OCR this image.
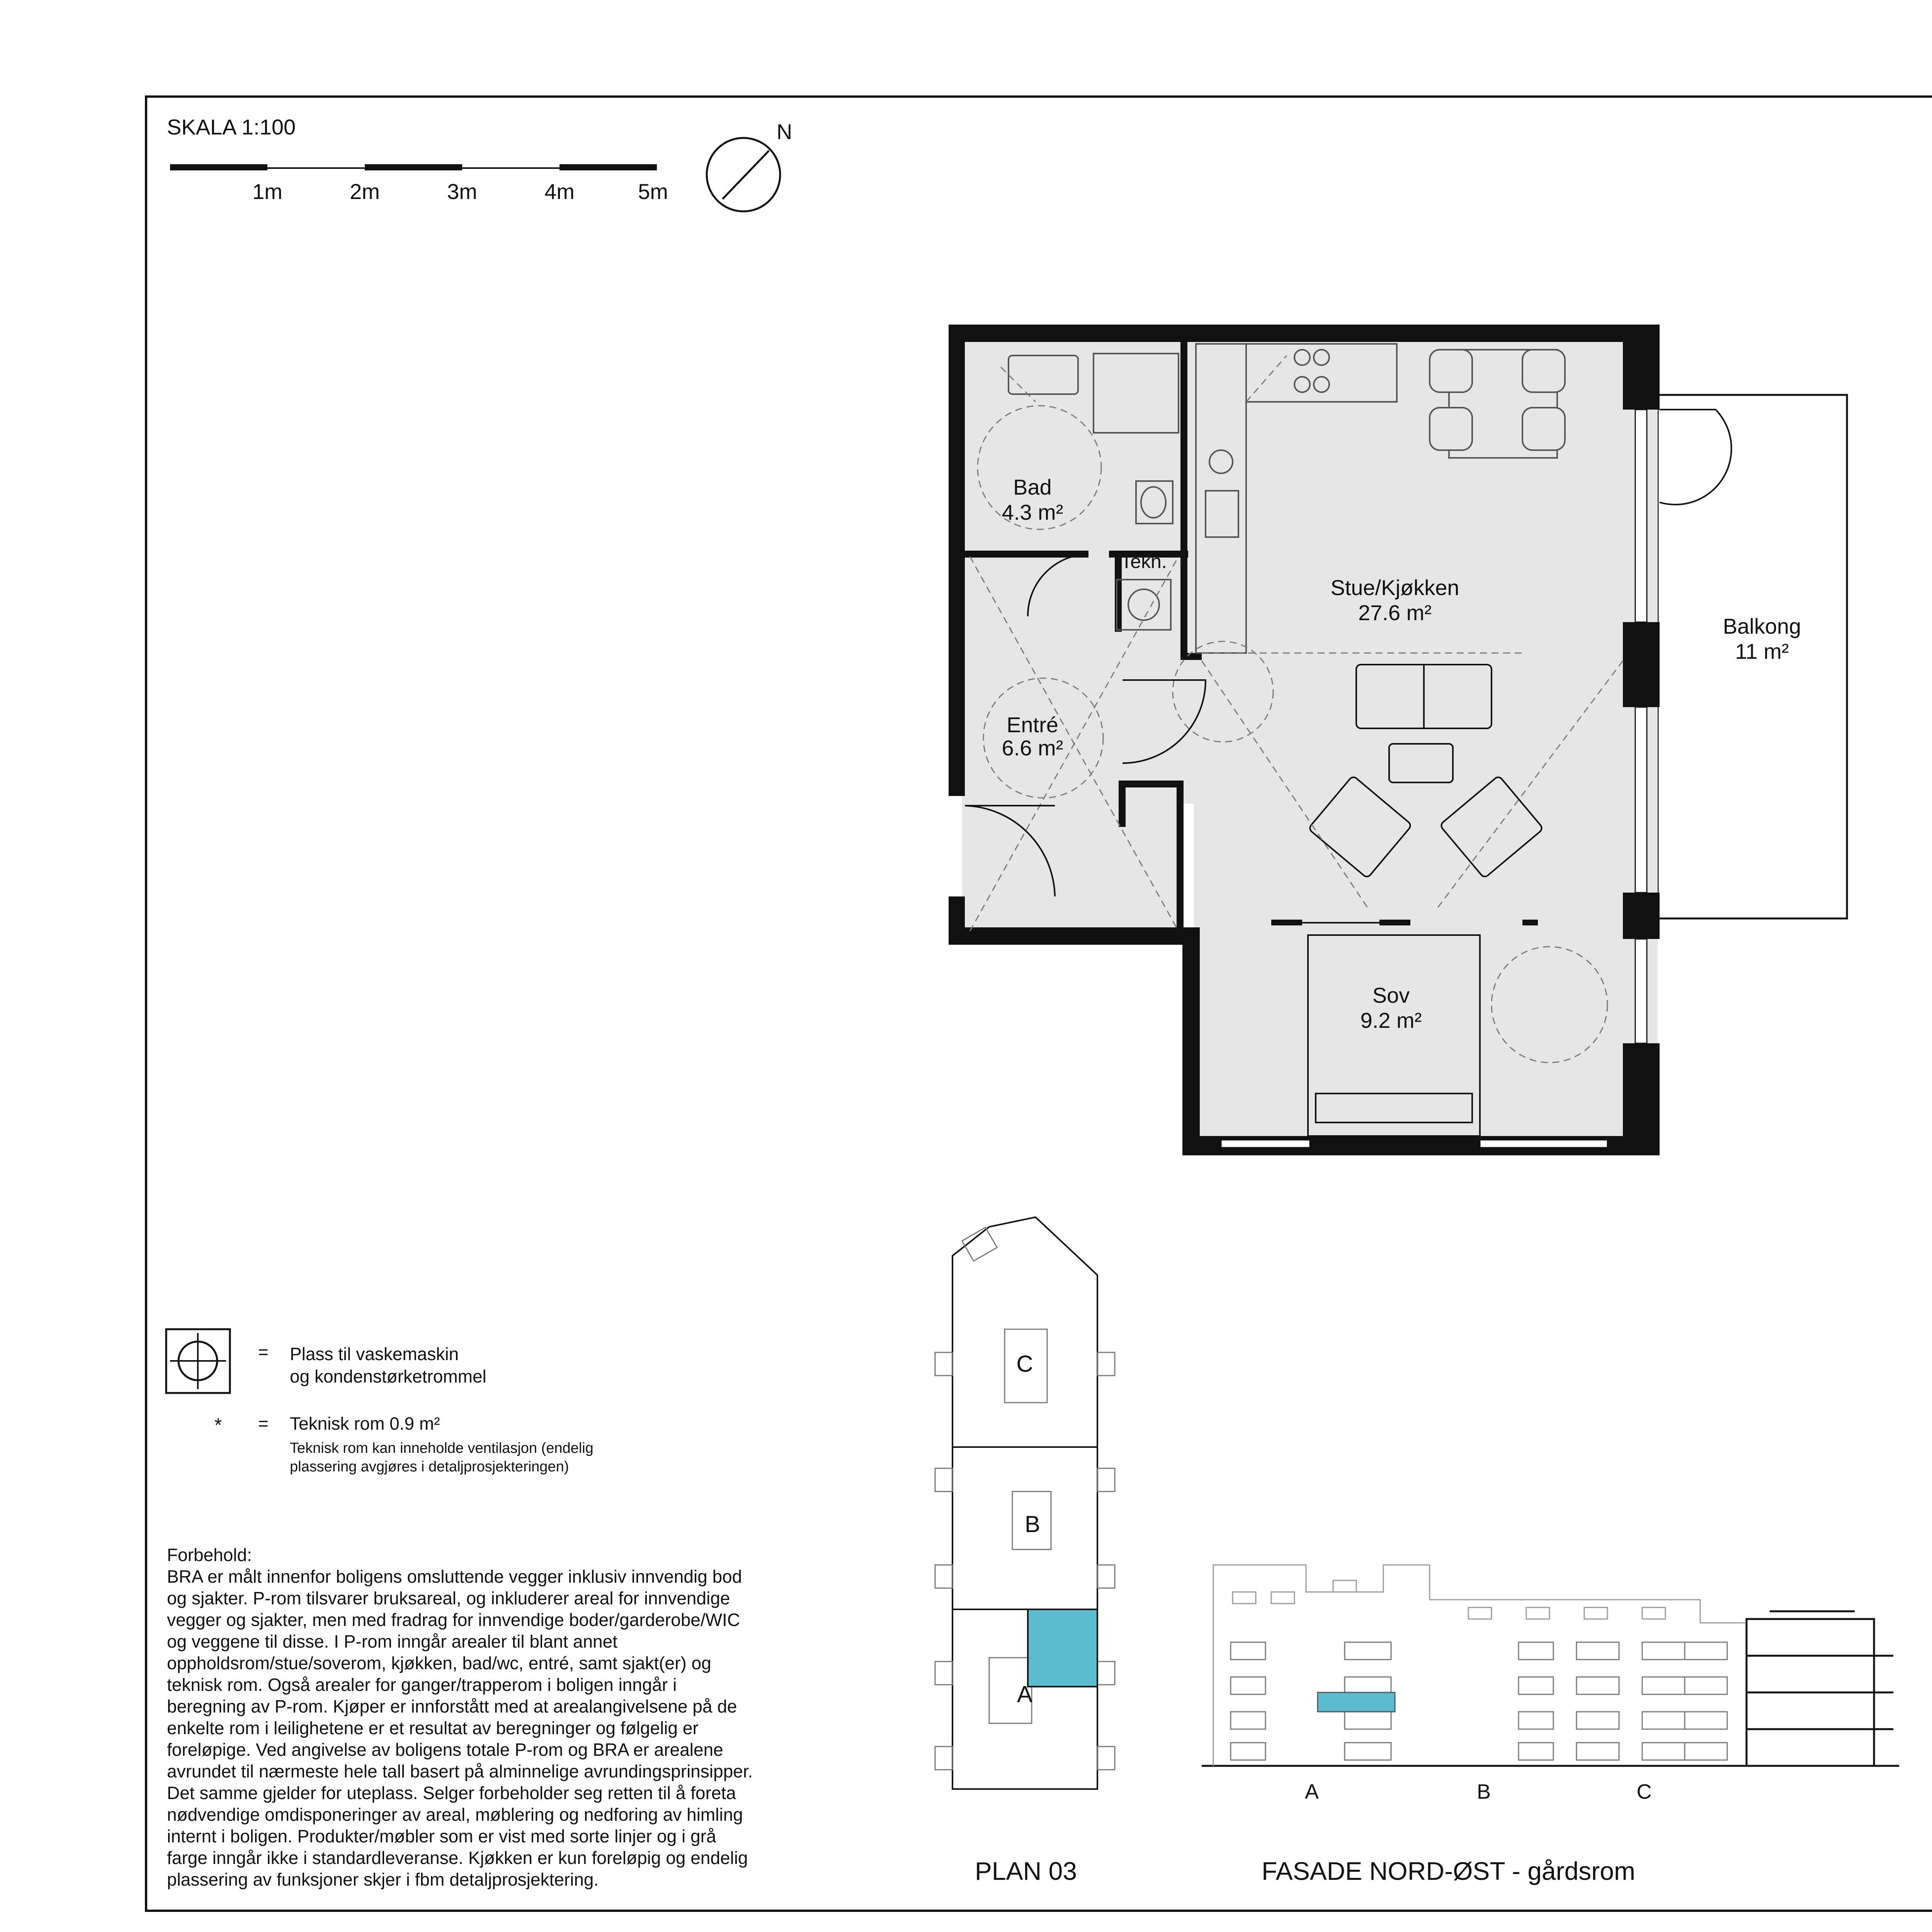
SKALA 1:100
1m	2m	3m	4m	5m
N
Bad
4.3 m²
Tekn.
Stue/Kjøkken
27.6 m²
Entré
6.6 m²
Sov
9.2 m²
Balkong
11 m²
= Plass til vaskemaskin
og kondenstørketrommel
* = Teknisk rom 0.9 m²
Teknisk rom kan inneholde ventilasjon (endelig
plassering avgjøres i detaljprosjekteringen)
Forbehold:
BRA er målt innenfor boligens omsluttende vegger inklusiv innvendig bod
og sjakter. P-rom tilsvarer bruksareal, og inkluderer areal for innvendige
vegger og sjakter, men med fradrag for innvendige boder/garderobe/WIC
og veggene til disse. I P-rom inngår arealer til blant annet
oppholdsrom/stue/soverom, kjøkken, bad/wc, entré, samt sjakt(er) og
teknisk rom. Også arealer for ganger/trapperom i boligen inngår i
beregning av P-rom. Kjøper er innforstått med at arealangivelsene på de
enkelte rom i leilighetene er et resultat av beregninger og følgelig er
foreløpige. Ved angivelse av boligens totale P-rom og BRA er arealene
avrundet til nærmeste hele tall basert på alminnelige avrundingsprinsipper.
Det samme gjelder for uteplass. Selger forbeholder seg retten til å foreta
nødvendige omdisponeringer av areal, møblering og nedforing av himling
internt i boligen. Produkter/møbler som er vist med sorte linjer og i grå
farge inngår ikke i standardleveranse. Kjøkken er kun foreløpig og endelig
plassering av funksjoner skjer i fbm detaljprosjektering.
C
B
A
PLAN 03
A	B	C
FASADE NORD-ØST - gårdsrom
